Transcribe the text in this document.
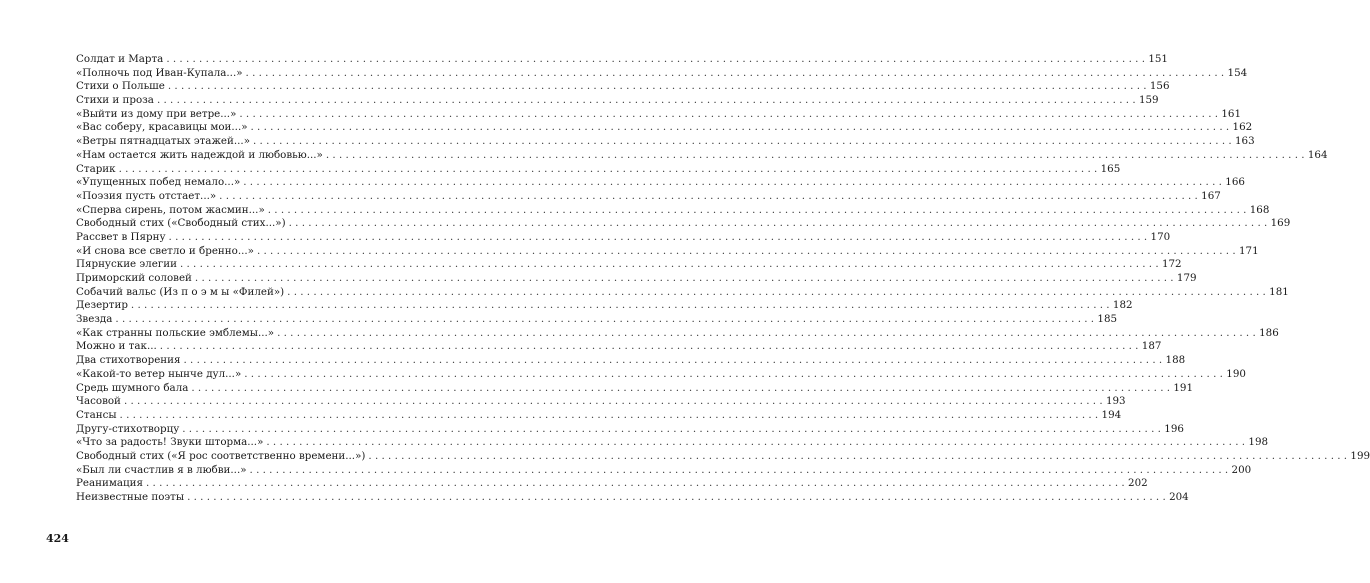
424
Солдат и Марта . . .	151
«Полночь под Иван-Купала...» . . .	154
Стихи о Польше . . .	156
Стихи и проза . . .	159
«Выйти из дому при ветре...» . . .	161
«Вас соберу, красавицы мои...» . . .	162
«Ветры пятнадцатых этажей...» . . .	163
«Нам остается жить надеждой и любовью...» . . .	164
Старик . . .	165
«Упущенных побед немало...» . . .	166
«Поэзия пусть отстает...» . . .	167
«Сперва сирень, потом жасмин...» . . .	168
Свободный стих («Свободный стих...») . . .	169
Рассвет в Пярну . . .	170
«И снова все светло и бренно...» . . .	171
Пярнуские элегии . . .	172
Приморский соловей . . .	179
Собачий вальс (Из п о э м ы «Филей») . . .	181
Дезертир . . .	182
Звезда . . .	185
«Как странны польские эмблемы...» . . .	186
Можно и так... . . .	187
Два стихотворения . . .	188
«Какой-то ветер нынче дул...» . . .	190
Средь шумного бала . . .	191
Часовой . . .	193
Стансы . . .	194
Другу-стихотворцу . . .	196
«Что за радость! Звуки шторма...» . . .	198
Свободный стих («Я рос соответственно времени...») . . .	199
«Был ли счастлив я в любви...» . . .	200
Реанимация . . .	202
Неизвестные поэты . . .	204
